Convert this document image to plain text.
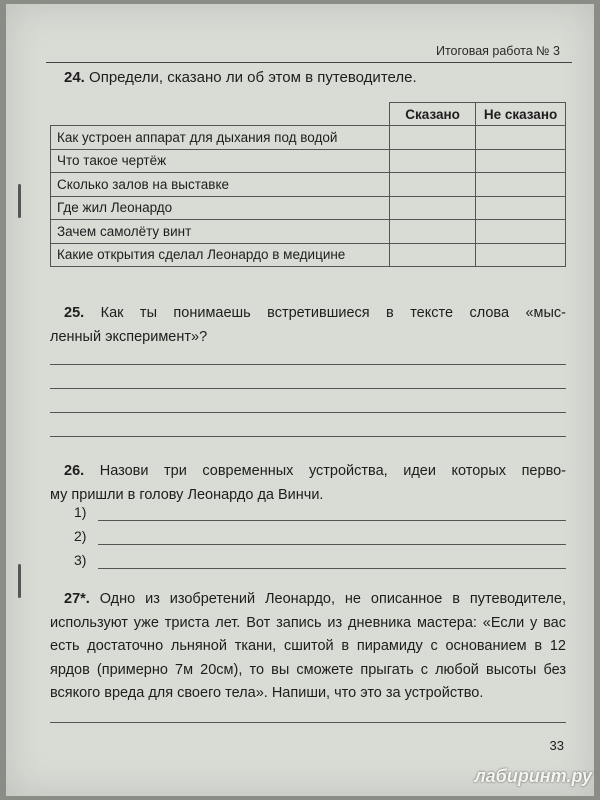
Итоговая работа № 3
24. Определи, сказано ли об этом в путеводителе.
	Сказано	Не сказано
Как устроен аппарат для дыхания под водой		
Что такое чертёж		
Сколько залов на выставке		
Где жил Леонардо		
Зачем самолёту винт		
Какие открытия сделал Леонардо в медицине		
25. Как ты понимаешь встретившиеся в тексте слова «мыс-
ленный эксперимент»?
26. Назови три современных устройства, идеи которых перво-
му пришли в голову Леонардо да Винчи.
1)
2)
3)
27*. Одно из изобретений Леонардо, не описанное в путеводителе, используют уже триста лет. Вот запись из дневника мастера: «Если у вас есть достаточно льняной ткани, сшитой в пирамиду с основанием в 12 ярдов (примерно 7м 20см), то вы сможете прыгать с любой высоты без всякого вреда для своего тела». Напиши, что это за устройство.
33
лабиринт.ру
